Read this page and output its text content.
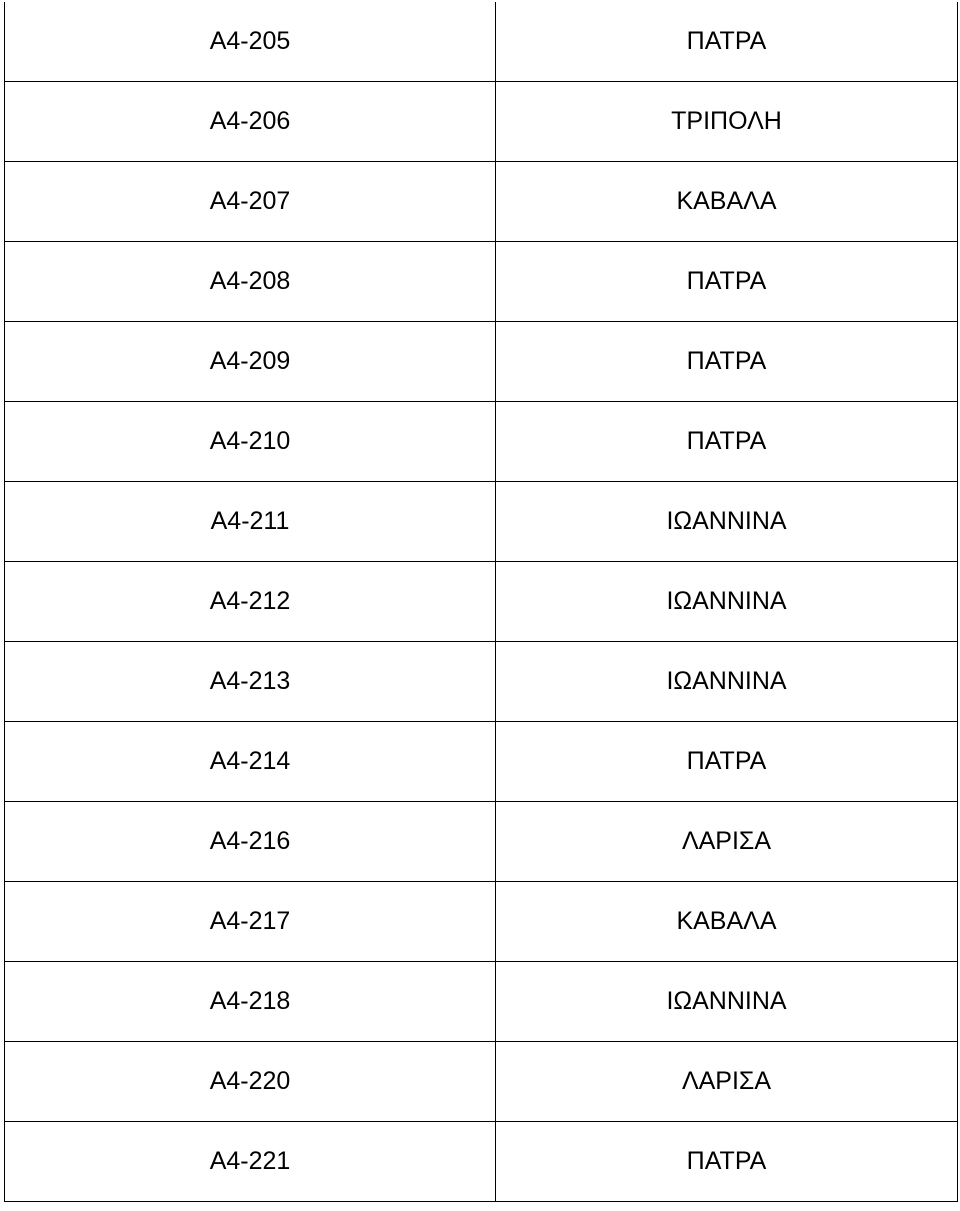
Α4-205	ΠΑΤΡΑ
Α4-206	ΤΡΙΠΟΛΗ
Α4-207	ΚΑΒΑΛΑ
Α4-208	ΠΑΤΡΑ
Α4-209	ΠΑΤΡΑ
Α4-210	ΠΑΤΡΑ
Α4-211	ΙΩΑΝΝΙΝΑ
Α4-212	ΙΩΑΝΝΙΝΑ
Α4-213	ΙΩΑΝΝΙΝΑ
Α4-214	ΠΑΤΡΑ
Α4-216	ΛΑΡΙΣΑ
Α4-217	ΚΑΒΑΛΑ
Α4-218	ΙΩΑΝΝΙΝΑ
Α4-220	ΛΑΡΙΣΑ
Α4-221	ΠΑΤΡΑ
